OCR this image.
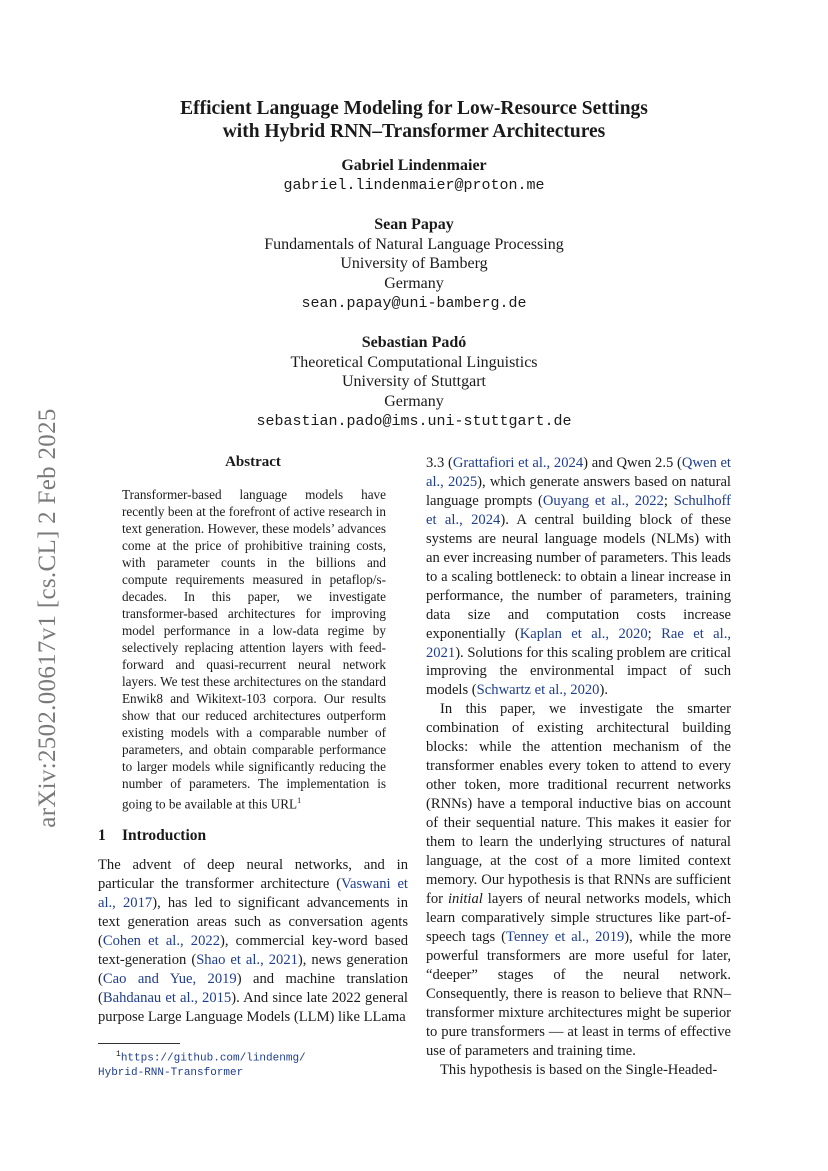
Efficient Language Modeling for Low-Resource Settings
with Hybrid RNN–Transformer Architectures
Gabriel Lindenmaier
gabriel.lindenmaier@proton.me
Sean Papay
Fundamentals of Natural Language Processing
University of Bamberg
Germany
sean.papay@uni-bamberg.de
Sebastian Padó
Theoretical Computational Linguistics
University of Stuttgart
Germany
sebastian.pado@ims.uni-stuttgart.de
arXiv:2502.00617v1 [cs.CL] 2 Feb 2025	Abstract
Transformer-based language models have recently been at the forefront of active research in text generation. However, these models’ advances come at the price of prohibitive training costs, with parameter counts in the billions and compute requirements measured in petaflop/s-decades. In this paper, we investigate transformer-based architectures for improving model performance in a low-data regime by selectively replacing attention layers with feed-forward and quasi-recurrent neural network layers. We test these architectures on the standard Enwik8 and Wikitext-103 corpora. Our results show that our reduced architectures outperform existing models with a comparable number of parameters, and obtain comparable performance to larger models while significantly reducing the number of parameters. The implementation is going to be available at this URL$^1$
1 Introduction

The advent of deep neural networks, and in particular the transformer architecture (Vaswani et al., 2017), has led to significant advancements in text generation areas such as conversation agents (Cohen et al., 2022), commercial key-word based text-generation (Shao et al., 2021), news generation (Cao and Yue, 2019) and machine translation (Bahdanau et al., 2015). And since late 2022 general purpose Large Language Models (LLM) like LLama

$^1$https://github.com/lindenmg/
Hybrid-RNN-Transformer

3.3 (Grattafiori et al., 2024) and Qwen 2.5 (Qwen et al., 2025), which generate answers based on natural language prompts (Ouyang et al., 2022; Schulhoff et al., 2024). A central building block of these systems are neural language models (NLMs) with an ever increasing number of parameters. This leads to a scaling bottleneck: to obtain a linear increase in performance, the number of parameters, training data size and computation costs increase exponentially (Kaplan et al., 2020; Rae et al., 2021). Solutions for this scaling problem are critical improving the environmental impact of such models (Schwartz et al., 2020).

In this paper, we investigate the smarter combination of existing architectural building blocks: while the attention mechanism of the transformer enables every token to attend to every other token, more traditional recurrent networks (RNNs) have a temporal inductive bias on account of their sequential nature. This makes it easier for them to learn the underlying structures of natural language, at the cost of a more limited context memory. Our hypothesis is that RNNs are sufficient for initial layers of neural networks models, which learn comparatively simple structures like part-of-speech tags (Tenney et al., 2019), while the more powerful transformers are more useful for later, “deeper” stages of the neural network. Consequently, there is reason to believe that RNN–transformer mixture architectures might be superior to pure transformers — at least in terms of effective use of parameters and training time.

This hypothesis is based on the Single-Headed-
